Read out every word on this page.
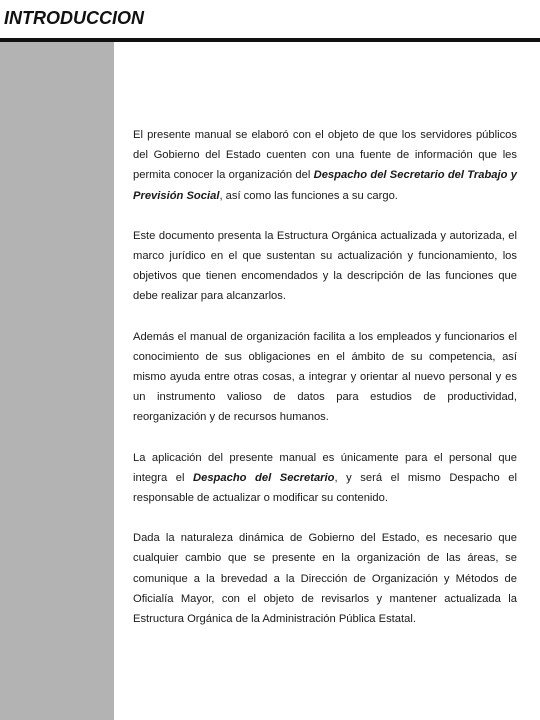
INTRODUCCION

El presente manual se elaboró con el objeto de que los servidores públicos del Gobierno del Estado cuenten con una fuente de información que les permita conocer la organización del Despacho del Secretario del Trabajo y Previsión Social, así como las funciones a su cargo.

Este documento presenta la Estructura Orgánica actualizada y autorizada, el marco jurídico en el que sustentan su actualización y funcionamiento, los objetivos que tienen encomendados y la descripción de las funciones que debe realizar para alcanzarlos.

Además el manual de organización facilita a los empleados y funcionarios el conocimiento de sus obligaciones en el ámbito de su competencia, así mismo ayuda entre otras cosas, a integrar y orientar al nuevo personal y es un instrumento valioso de datos para estudios de productividad, reorganización y de recursos humanos.

La aplicación del presente manual es únicamente para el personal que integra el Despacho del Secretario, y será el mismo Despacho el responsable de actualizar o modificar su contenido.

Dada la naturaleza dinámica de Gobierno del Estado, es necesario que cualquier cambio que se presente en la organización de las áreas, se comunique a la brevedad a la Dirección de Organización y Métodos de Oficialía Mayor, con el objeto de revisarlos y mantener actualizada la Estructura Orgánica de la Administración Pública Estatal.
